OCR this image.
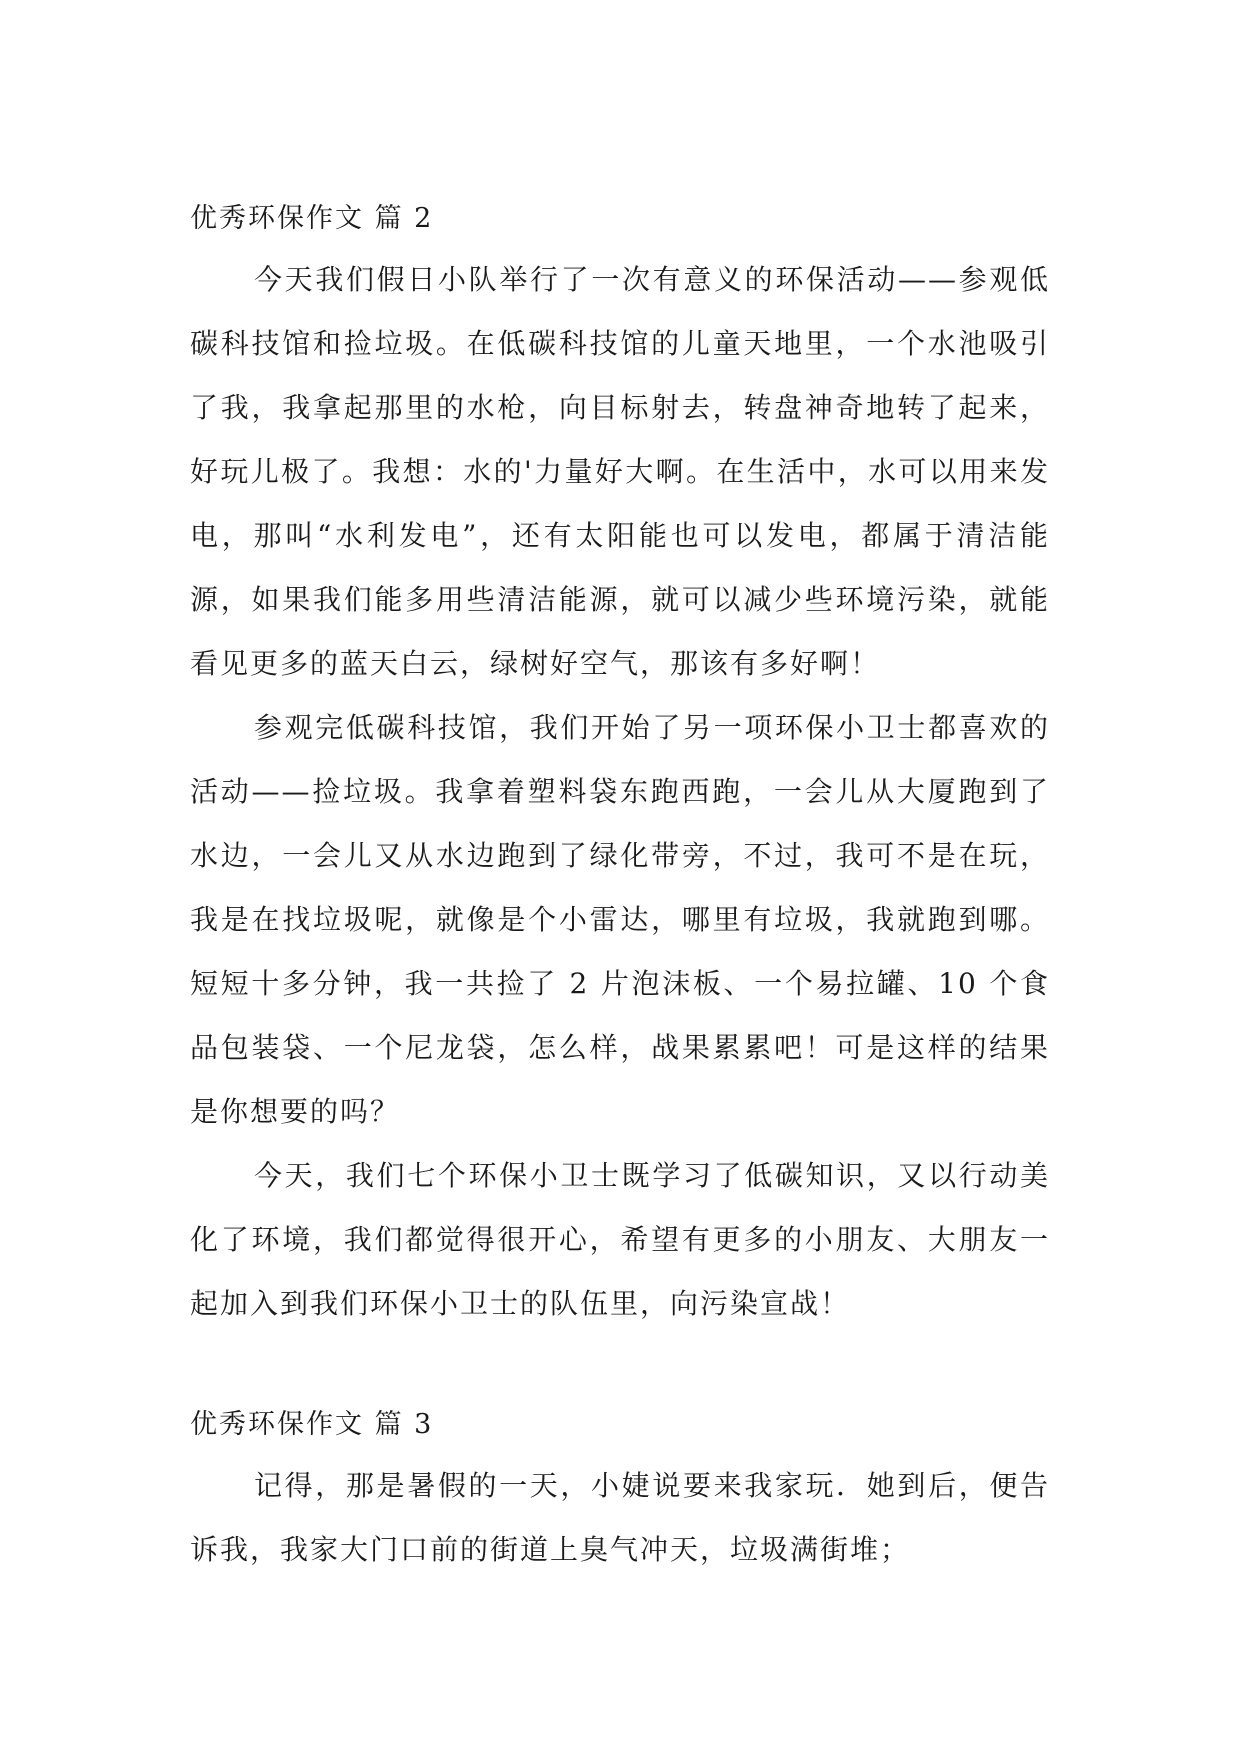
优秀环保作文 篇 2

今天我们假日小队举行了一次有意义的环保活动——参观低碳科技馆和捡垃圾。在低碳科技馆的儿童天地里，一个水池吸引了我，我拿起那里的水枪，向目标射去，转盘神奇地转了起来，好玩儿极了。我想：水的'力量好大啊。在生活中，水可以用来发电，那叫“水利发电”，还有太阳能也可以发电，都属于清洁能源，如果我们能多用些清洁能源，就可以减少些环境污染，就能看见更多的蓝天白云，绿树好空气，那该有多好啊！

参观完低碳科技馆，我们开始了另一项环保小卫士都喜欢的活动——捡垃圾。我拿着塑料袋东跑西跑，一会儿从大厦跑到了水边，一会儿又从水边跑到了绿化带旁，不过，我可不是在玩，我是在找垃圾呢，就像是个小雷达，哪里有垃圾，我就跑到哪。短短十多分钟，我一共捡了 2 片泡沫板、一个易拉罐、10 个食品包装袋、一个尼龙袋，怎么样，战果累累吧！可是这样的结果是你想要的吗？

今天，我们七个环保小卫士既学习了低碳知识，又以行动美化了环境，我们都觉得很开心，希望有更多的小朋友、大朋友一起加入到我们环保小卫士的队伍里，向污染宣战！

优秀环保作文 篇 3

记得，那是暑假的一天，小婕说要来我家玩．她到后，便告诉我，我家大门口前的街道上臭气冲天，垃圾满街堆；
